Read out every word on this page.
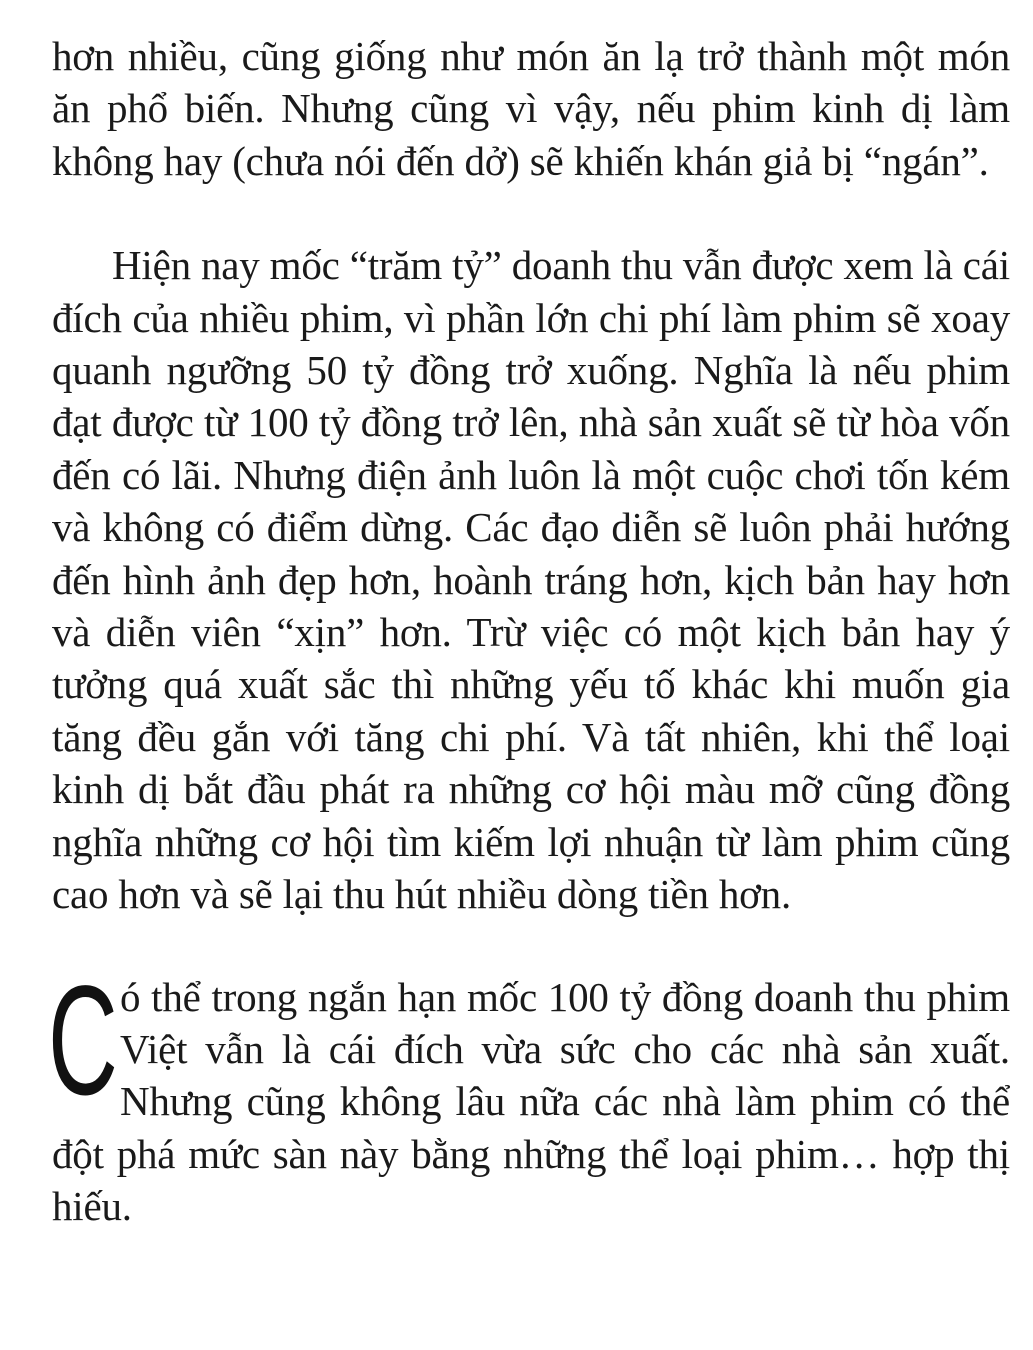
hơn nhiều, cũng giống như món ăn lạ trở thành một món ăn phổ biến. Nhưng cũng vì vậy, nếu phim kinh dị làm không hay (chưa nói đến dở) sẽ khiến khán giả bị “ngán”.

Hiện nay mốc “trăm tỷ” doanh thu vẫn được xem là cái đích của nhiều phim, vì phần lớn chi phí làm phim sẽ xoay quanh ngưỡng 50 tỷ đồng trở xuống. Nghĩa là nếu phim đạt được từ 100 tỷ đồng trở lên, nhà sản xuất sẽ từ hòa vốn đến có lãi. Nhưng điện ảnh luôn là một cuộc chơi tốn kém và không có điểm dừng. Các đạo diễn sẽ luôn phải hướng đến hình ảnh đẹp hơn, hoành tráng hơn, kịch bản hay hơn và diễn viên “xịn” hơn. Trừ việc có một kịch bản hay ý tưởng quá xuất sắc thì những yếu tố khác khi muốn gia tăng đều gắn với tăng chi phí. Và tất nhiên, khi thể loại kinh dị bắt đầu phát ra những cơ hội màu mỡ cũng đồng nghĩa những cơ hội tìm kiếm lợi nhuận từ làm phim cũng cao hơn và sẽ lại thu hút nhiều dòng tiền hơn.

C ó thể trong ngắn hạn mốc 100 tỷ đồng doanh thu phim Việt vẫn là cái đích vừa sức cho các nhà sản xuất. Nhưng cũng không lâu nữa các nhà làm phim có thể đột phá mức sàn này bằng những thể loại phim… hợp thị hiếu.
